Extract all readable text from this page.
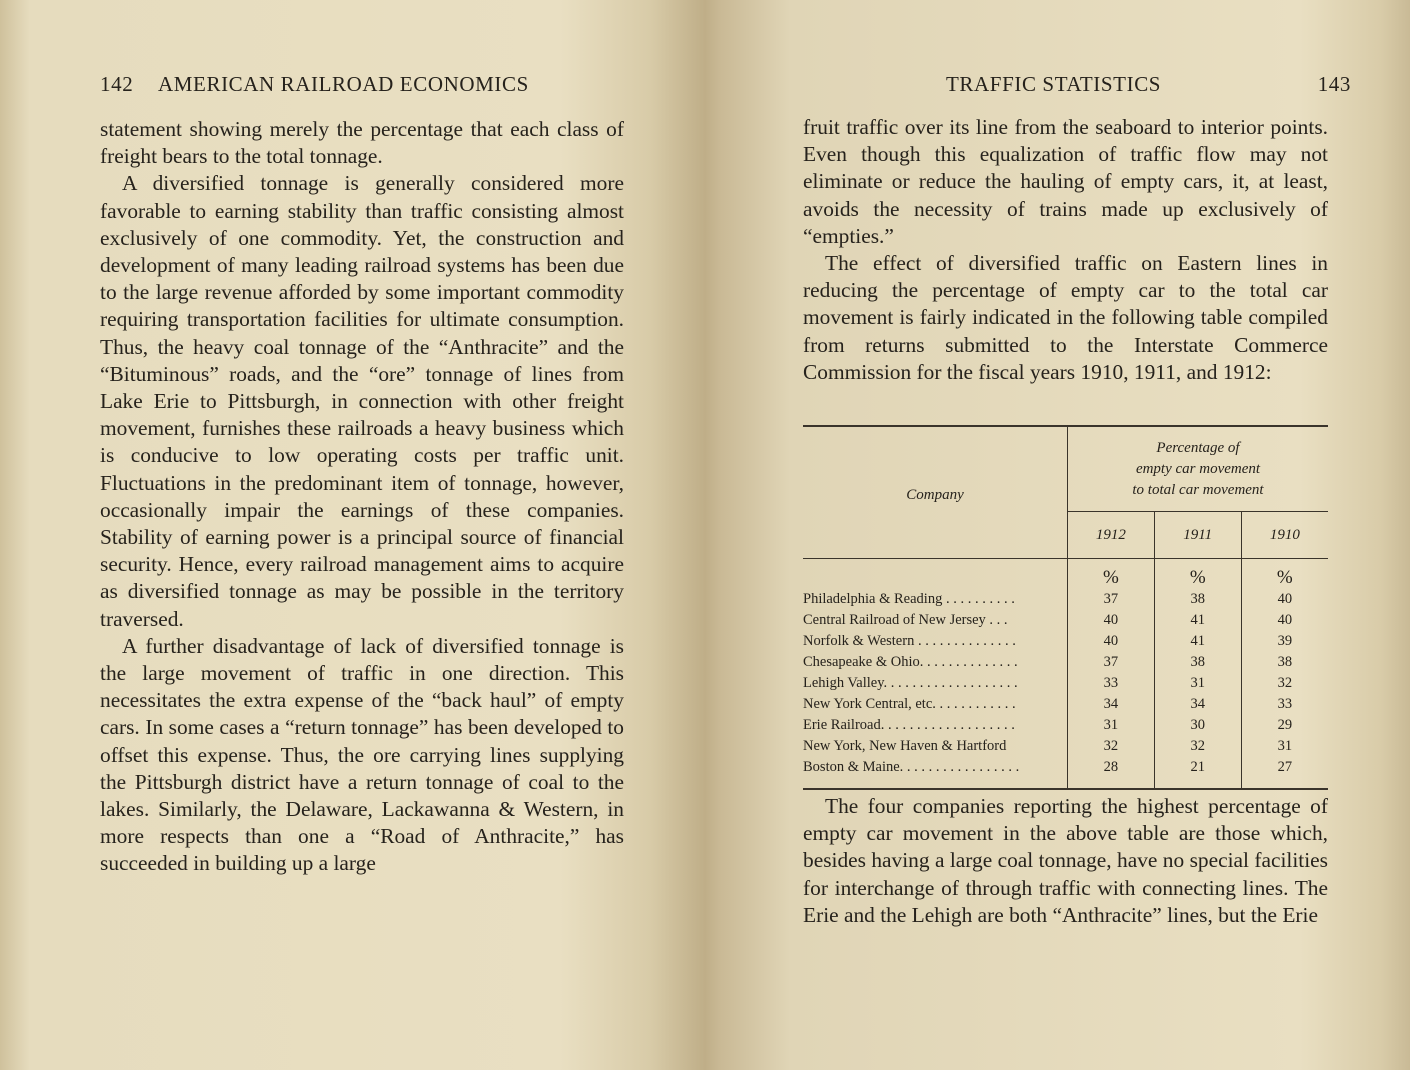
142 AMERICAN RAILROAD ECONOMICS

statement showing merely the percentage that each class of freight bears to the total tonnage.

A diversified tonnage is generally considered more favorable to earning stability than traffic consisting almost exclusively of one commodity. Yet, the construction and development of many leading railroad systems has been due to the large revenue afforded by some important commodity requiring transportation facilities for ultimate consumption. Thus, the heavy coal tonnage of the “Anthracite” and the “Bituminous” roads, and the “ore” tonnage of lines from Lake Erie to Pittsburgh, in connection with other freight movement, furnishes these railroads a heavy business which is conducive to low operating costs per traffic unit. Fluctuations in the predominant item of tonnage, however, occasionally impair the earnings of these companies. Stability of earning power is a principal source of financial security. Hence, every railroad management aims to acquire as diversified tonnage as may be possible in the territory traversed.

A further disadvantage of lack of diversified tonnage is the large movement of traffic in one direction. This necessitates the extra expense of the “back haul” of empty cars. In some cases a “return tonnage” has been developed to offset this expense. Thus, the ore carrying lines supplying the Pittsburgh district have a return tonnage of coal to the lakes. Similarly, the Delaware, Lackawanna & Western, in more respects than one a “Road of Anthracite,” has succeeded in building up a large

TRAFFIC STATISTICS	143

fruit traffic over its line from the seaboard to interior points. Even though this equalization of traffic flow may not eliminate or reduce the hauling of empty cars, it, at least, avoids the necessity of trains made up exclusively of “empties.”

The effect of diversified traffic on Eastern lines in reducing the percentage of empty car to the total car movement is fairly indicated in the following table compiled from returns submitted to the Interstate Commerce Commission for the fiscal years 1910, 1911, and 1912:

Company	Percentage of
empty car movement
to total car movement		
	1912	1911	1910
	%	%	%
Philadelphia & Reading . . . . . . . . . .	37	38	40
Central Railroad of New Jersey . . .	40	41	40
Norfolk & Western . . . . . . . . . . . . . .	40	41	39
Chesapeake & Ohio. . . . . . . . . . . . . .	37	38	38
Lehigh Valley. . . . . . . . . . . . . . . . . . .	33	31	32
New York Central, etc. . . . . . . . . . . .	34	34	33
Erie Railroad. . . . . . . . . . . . . . . . . . .	31	30	29
New York, New Haven & Hartford	32	32	31
Boston & Maine. . . . . . . . . . . . . . . . .	28	21	27

The four companies reporting the highest percentage of empty car movement in the above table are those which, besides having a large coal tonnage, have no special facilities for interchange of through traffic with connecting lines. The Erie and the Lehigh are both “Anthracite” lines, but the Erie
